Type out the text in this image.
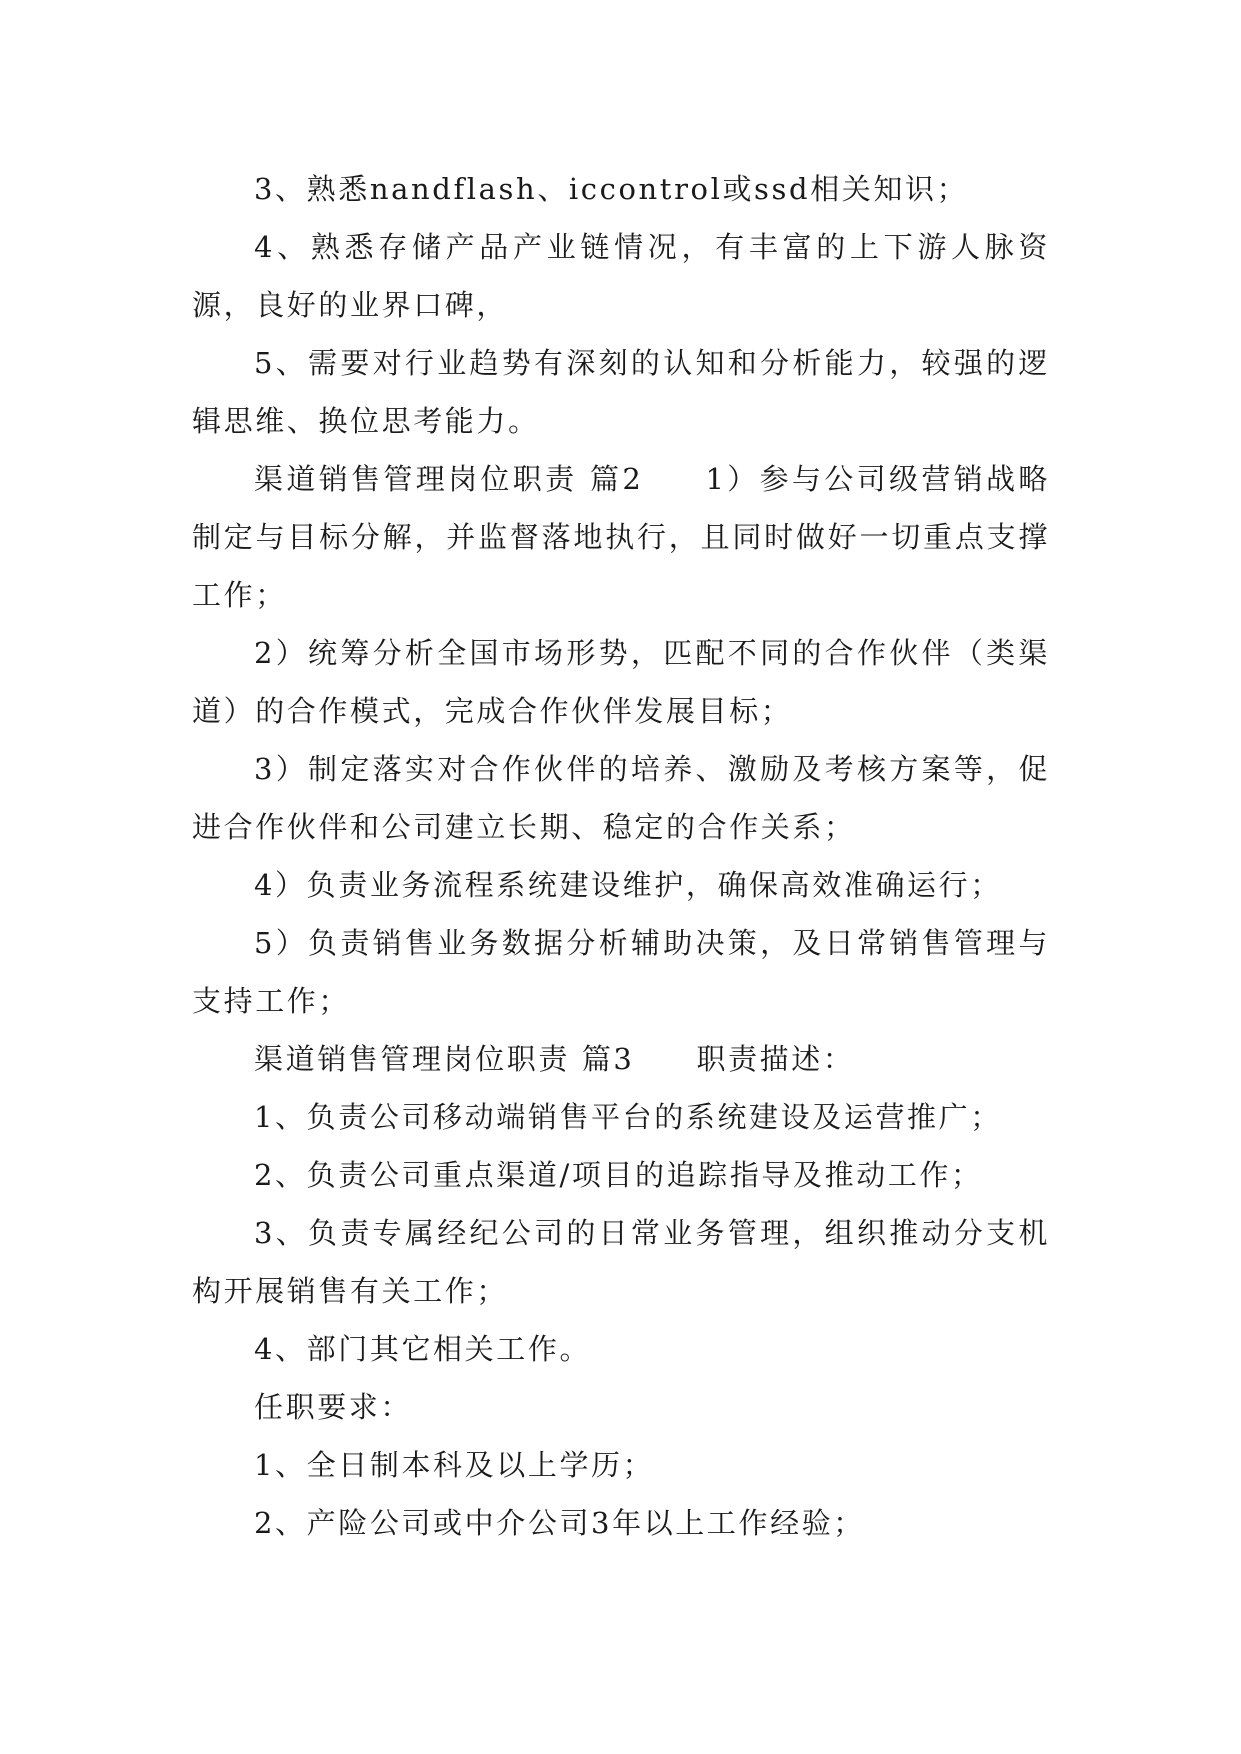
3、熟悉nandflash、iccontrol或ssd相关知识；

4、熟悉存储产品产业链情况，有丰富的上下游人脉资源，良好的业界口碑，

5、需要对行业趋势有深刻的认知和分析能力，较强的逻辑思维、换位思考能力。

渠道销售管理岗位职责 篇2 1）参与公司级营销战略制定与目标分解，并监督落地执行，且同时做好一切重点支撑工作；

2）统筹分析全国市场形势，匹配不同的合作伙伴（类渠道）的合作模式，完成合作伙伴发展目标；

3）制定落实对合作伙伴的培养、激励及考核方案等，促进合作伙伴和公司建立长期、稳定的合作关系；

4）负责业务流程系统建设维护，确保高效准确运行；

5）负责销售业务数据分析辅助决策，及日常销售管理与支持工作；

渠道销售管理岗位职责 篇3 职责描述：

1、负责公司移动端销售平台的系统建设及运营推广；

2、负责公司重点渠道/项目的追踪指导及推动工作；

3、负责专属经纪公司的日常业务管理，组织推动分支机构开展销售有关工作；

4、部门其它相关工作。

任职要求：

1、全日制本科及以上学历；

2、产险公司或中介公司3年以上工作经验；
